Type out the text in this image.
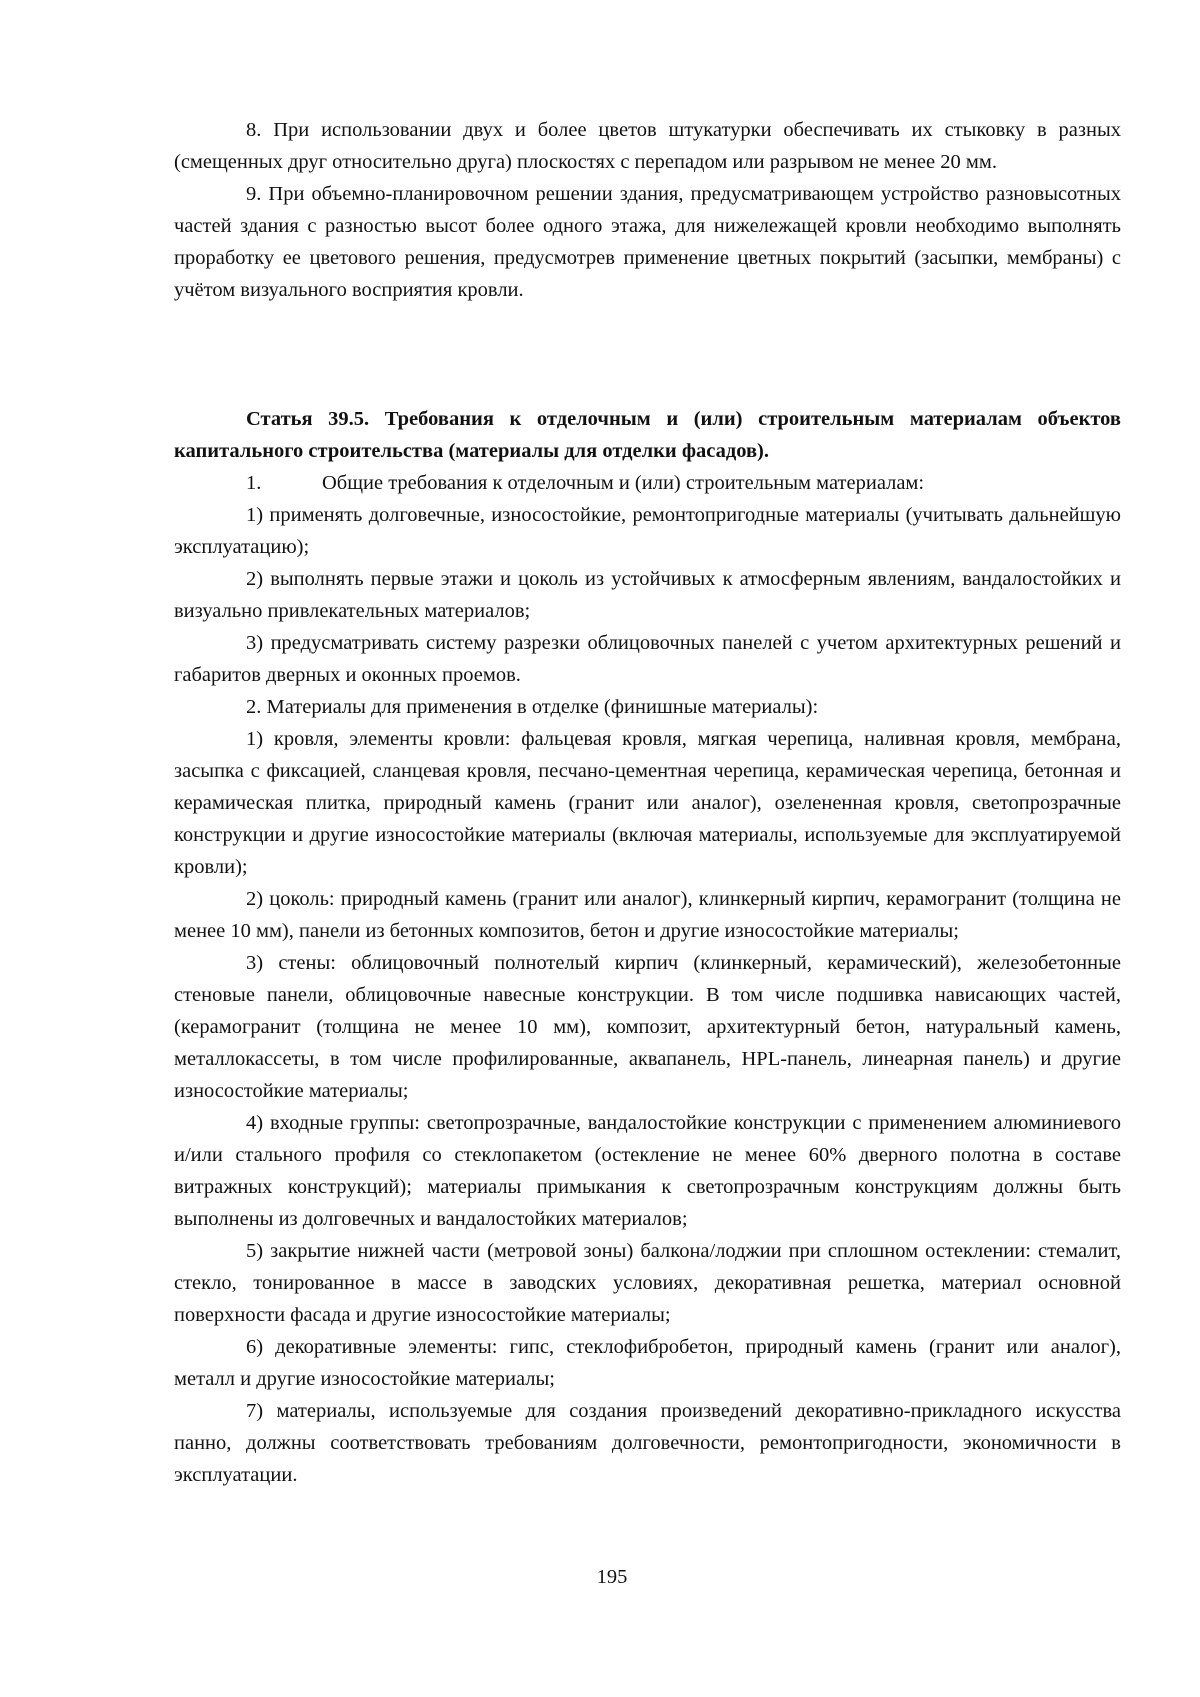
8. При использовании двух и более цветов штукатурки обеспечивать их стыковку в разных (смещенных друг относительно друга) плоскостях с перепадом или разрывом не менее 20 мм.

9. При объемно-планировочном решении здания, предусматривающем устройство разновысотных частей здания с разностью высот более одного этажа, для нижележащей кровли необходимо выполнять проработку ее цветового решения, предусмотрев применение цветных покрытий (засыпки, мембраны) с учётом визуального восприятия кровли.

Статья 39.5. Требования к отделочным и (или) строительным материалам объектов капитального строительства (материалы для отделки фасадов).

1.	Общие требования к отделочным и (или) строительным материалам:

1) применять долговечные, износостойкие, ремонтопригодные материалы (учитывать дальнейшую эксплуатацию);

2) выполнять первые этажи и цоколь из устойчивых к атмосферным явлениям, вандалостойких и визуально привлекательных материалов;

3) предусматривать систему разрезки облицовочных панелей с учетом архитектурных решений и габаритов дверных и оконных проемов.

2. Материалы для применения в отделке (финишные материалы):

1) кровля, элементы кровли: фальцевая кровля, мягкая черепица, наливная кровля, мембрана, засыпка с фиксацией, сланцевая кровля, песчано-цементная черепица, керамическая черепица, бетонная и керамическая плитка, природный камень (гранит или аналог), озелененная кровля, светопрозрачные конструкции и другие износостойкие материалы (включая материалы, используемые для эксплуатируемой кровли);

2) цоколь: природный камень (гранит или аналог), клинкерный кирпич, керамогранит (толщина не менее 10 мм), панели из бетонных композитов, бетон и другие износостойкие материалы;

3) стены: облицовочный полнотелый кирпич (клинкерный, керамический), железобетонные стеновые панели, облицовочные навесные конструкции. В том числе подшивка нависающих частей, (керамогранит (толщина не менее 10 мм), композит, архитектурный бетон, натуральный камень, металлокассеты, в том числе профилированные, аквапанель, HPL-панель, линеарная панель) и другие износостойкие материалы;

4) входные группы: светопрозрачные, вандалостойкие конструкции с применением алюминиевого и/или стального профиля со стеклопакетом (остекление не менее 60% дверного полотна в составе витражных конструкций); материалы примыкания к светопрозрачным конструкциям должны быть выполнены из долговечных и вандалостойких материалов;

5) закрытие нижней части (метровой зоны) балкона/лоджии при сплошном остеклении: стемалит, стекло, тонированное в массе в заводских условиях, декоративная решетка, материал основной поверхности фасада и другие износостойкие материалы;

6) декоративные элементы: гипс, стеклофибробетон, природный камень (гранит или аналог), металл и другие износостойкие материалы;

7) материалы, используемые для создания произведений декоративно-прикладного искусства панно, должны соответствовать требованиям долговечности, ремонтопригодности, экономичности в эксплуатации.

195
